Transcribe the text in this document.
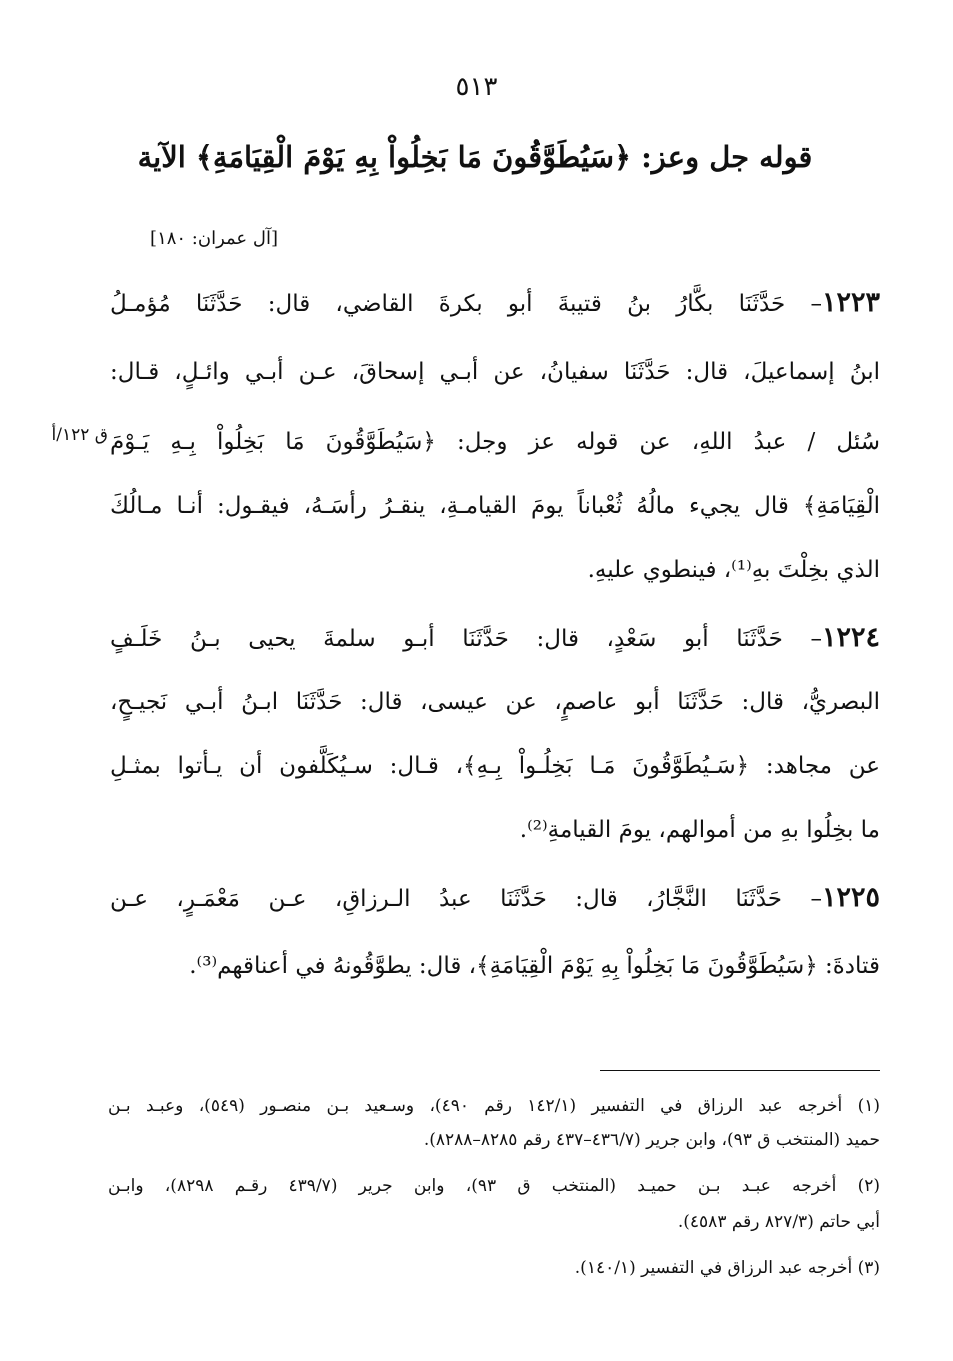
٥١٣
قوله جل وعز: ﴿سَيُطَوَّقُونَ مَا بَخِلُواْ بِهِ يَوْمَ الْقِيَامَةِ﴾ الآية
[آل عمران: ١٨٠]
ق ١٢٢/أ
١٢٢٣– حَدَّثَنَا بكَّارُ بنُ قتيبةَ أبو بكرةَ القاضي، قال: حَدَّثَنَا مُؤمـلُ
ابنُ إسماعيلَ، قال: حَدَّثَنَا سفيانُ، عن أبـي إسحاقَ، عـن أبـي وائـلٍ، قـال:
سُئل / عبدُ اللهِ، عن قوله عز وجل: ﴿سَيُطَوَّقُونَ مَا بَخِلُواْ بِـهِ يَـوْمَ
الْقِيَامَةِ﴾ قال يجيء مالُهُ ثُعْباناً يومَ القيامـةِ، ينقـرُ رأسَـهُ، فيقـول: أنـا مـالُكَ
الذي بخِلْتَ بهِ⁽¹⁾، فينطوي عليهِ.
١٢٢٤– حَدَّثَنَا أبو سَعْدٍ، قال: حَدَّثَنَا أبـو سلمةَ يحيى بـنُ خَلَـفٍ
البصريُّ، قال: حَدَّثَنَا أبو عاصمٍ، عن عيسى، قال: حَدَّثَنَا ابـنُ أبـي نَجيـحٍ،
عن مجاهد: ﴿سَـيُطَوَّقُونَ مَـا بَخِلُـواْ بِـهِ﴾، قـال: سـيُكَلَّفون أن يـأتوا بمثـلِ
ما بخِلُوا بهِ من أموالهم، يومَ القيامةِ⁽²⁾.
١٢٢٥– حَدَّثَنَا النَّجَّارُ، قال: حَدَّثَنَا عبدُ الـرزاقِ، عـن مَعْمَـرٍ، عـن
قتادةَ: ﴿سَيُطَوَّقُونَ مَا بَخِلُواْ بِهِ يَوْمَ الْقِيَامَةِ﴾، قال: يطوَّقُونهُ في أعناقهم⁽³⁾.
(١) أخرجه عبد الرزاق في التفسير (١٤٢/١ رقم ٤٩٠)، وسـعيد بـن منصـور (٥٤٩)، وعبـد بـن
حميد (المنتخب ق ٩٣)، وابن جرير (٤٣٦/٧–٤٣٧ رقم ٨٢٨٥–٨٢٨٨).
(٢) أخرجه عبـد بـن حميـد (المنتخب ق ٩٣)، وابن جرير (٤٣٩/٧ رقـم ٨٢٩٨)، وابـن
أبي حاتم (٨٢٧/٣ رقم ٤٥٨٣).
(٣) أخرجه عبد الرزاق في التفسير (١٤٠/١).
